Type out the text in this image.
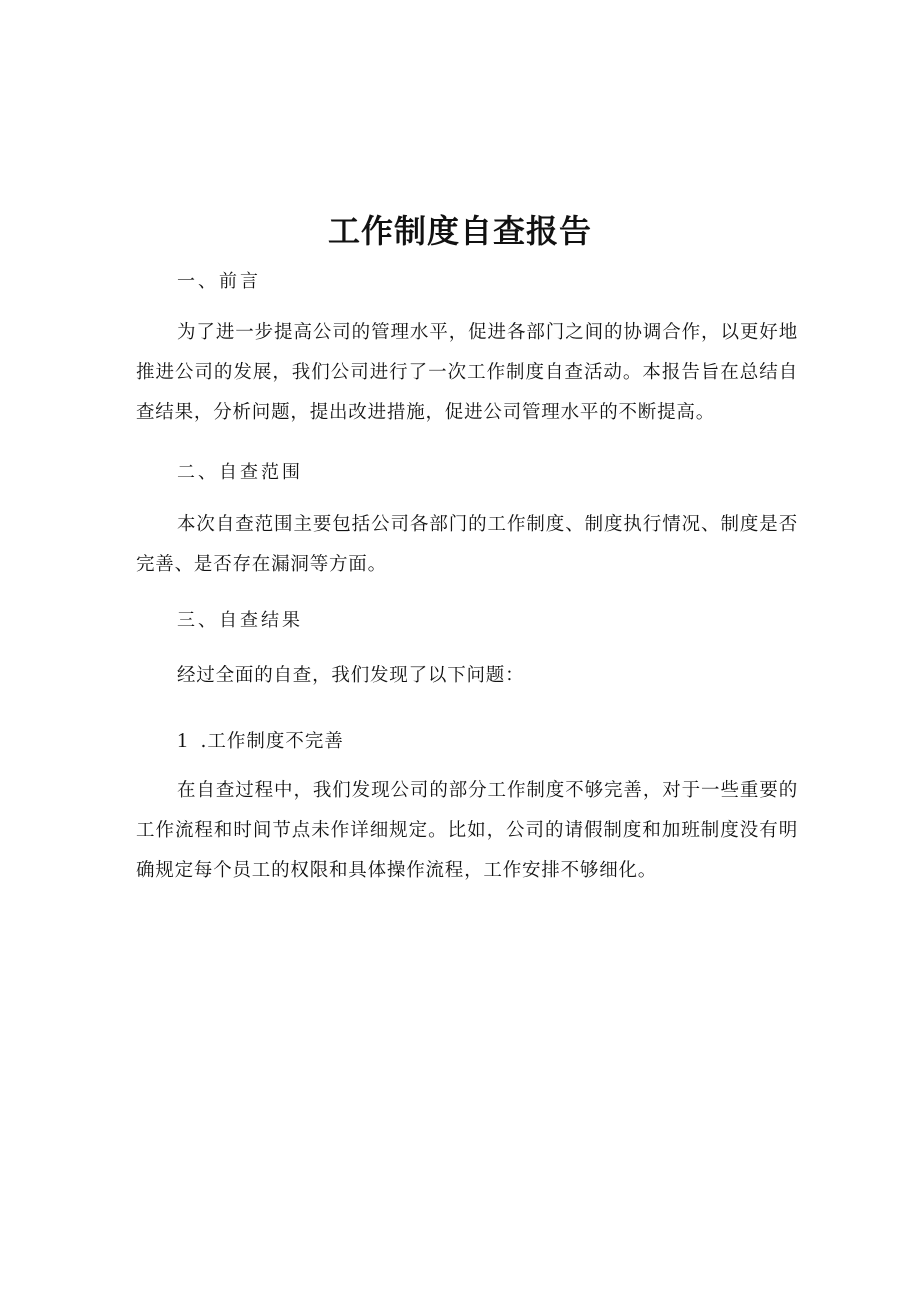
工作制度自查报告
一、前言
为了进一步提高公司的管理水平，促进各部门之间的协调合作，以更好地推进公司的发展，我们公司进行了一次工作制度自查活动。本报告旨在总结自查结果，分析问题，提出改进措施，促进公司管理水平的不断提高。
二、自查范围
本次自查范围主要包括公司各部门的工作制度、制度执行情况、制度是否完善、是否存在漏洞等方面。
三、自查结果
经过全面的自查，我们发现了以下问题：
1 .工作制度不完善
在自查过程中，我们发现公司的部分工作制度不够完善，对于一些重要的工作流程和时间节点未作详细规定。比如，公司的请假制度和加班制度没有明确规定每个员工的权限和具体操作流程，工作安排不够细化。
